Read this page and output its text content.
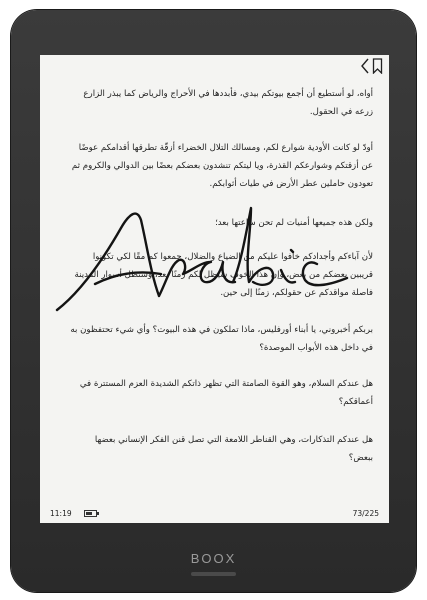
أواه، لو أستطيع أن أجمع بيوتكم بيدي، فأبددها في الأحراج والرياض كما يبذر الزارع زرعه في الحقول.

أودّ لو كانت الأودية شوارع لكم، ومسالك التلال الخضراء أزقّة تطرقها أقدامكم عوضًا عن أزقتكم وشوارعكم القذرة، ويا ليتكم تنشدون بعضكم بعضًا بين الدوالي والكروم ثم تعودون حاملين عطر الأرض في طيات أثوابكم.

ولكن هذه جميعها أمنيات لم تحن ساعتها بعد؛

لأن آباءكم وأجدادكم خافوا عليكم من الضياع والضلال، جمعوا كم مقًا لكي تكونوا قريبين بعضكم من بعض، وإن هذا الخوف سيظل لكم زمنًا بعد، وستظل أسوار المدينة فاصلة مواقدكم عن حقولكم، زمنًا إلى حين.

بربكم أخبروني، يا أبناء أورفليس، ماذا تملكون في هذه البيوت؟ وأي شيء تحتفظون به في داخل هذه الأبواب الموصدة؟

هل عندكم السلام، وهو القوة الصامتة التي تظهر ذاتكم الشديدة العزم المستترة في أعماقكم؟

هل عندكم التذكارات، وهي القناطر اللامعة التي تصل قنن الفكر الإنساني بعضها ببعض؟

11:19	73/225
BOOX
